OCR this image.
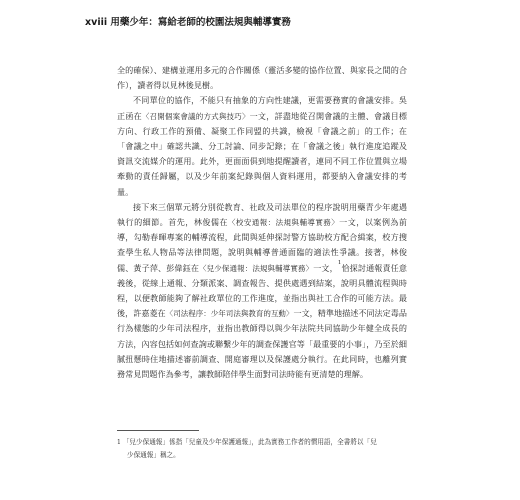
xviii 用藥少年：寫給老師的校園法規與輔導實務

全的確保）、建構並運用多元的合作關係（靈活多變的協作位置、與家長之間的合作），讀者得以見林後見樹。

不同單位的協作，不能只有抽象的方向性建議，更需要務實的會議安排。吳正函在〈召開個案會議的方式與技巧〉一文，詳盡地從召開會議的主體、會議目標方向、行政工作的預備、凝聚工作同盟的共識，檢視「會議之前」的工作；在「會議之中」確認共識、分工討論、同步記錄；在「會議之後」執行進度追蹤及資訊交流媒介的運用。此外，更面面俱到地提醒讀者，連同不同工作位置與立場牽動的責任歸屬，以及少年前案紀錄與個人資料運用，都要納入會議安排的考量。

接下來三個單元將分別從教育、社政及司法單位的程序說明用藥青少年處遇執行的細節。首先，林俊儒在〈校安通報：法規與輔導實務〉一文，以案例為前導，勾勒春暉專案的輔導流程，此間與延伸探討警方協助校方配合緝案，校方搜查學生私人物品等法律問題，說明與輔導普通面臨的適法性爭議。接著，林俊儒、黃子萍、彭偉鈺在〈兒少保通報：法規與輔導實務〉一文，$^1$恰探討通報責任意義後，從線上通報、分類派案、調查報告、提供處遇到結案，說明具體流程與時程，以便教師能夠了解社政單位的工作進度，並指出與社工合作的可能方法。最後，許嘉菱在〈司法程序：少年司法與教育的互動〉一文，精準地描述不同法定毒品行為樣態的少年司法程序，並指出教師得以與少年法院共同協助少年健全成長的方法，內容包括如何查詢或聯繫少年的調查保護官等「最重要的小事」，乃至於細膩扭懸時住地描述審前調查、開庭審理以及保護處分執行。在此同時，也離列實務常見問題作為參考，讓教師陪伴學生面對司法時能有更清楚的理解。

1 「兒少保通報」係指「兒童及少年保護通報」，此為實務工作者的慣用語，全書將以「兒
少保通報」稱之。
